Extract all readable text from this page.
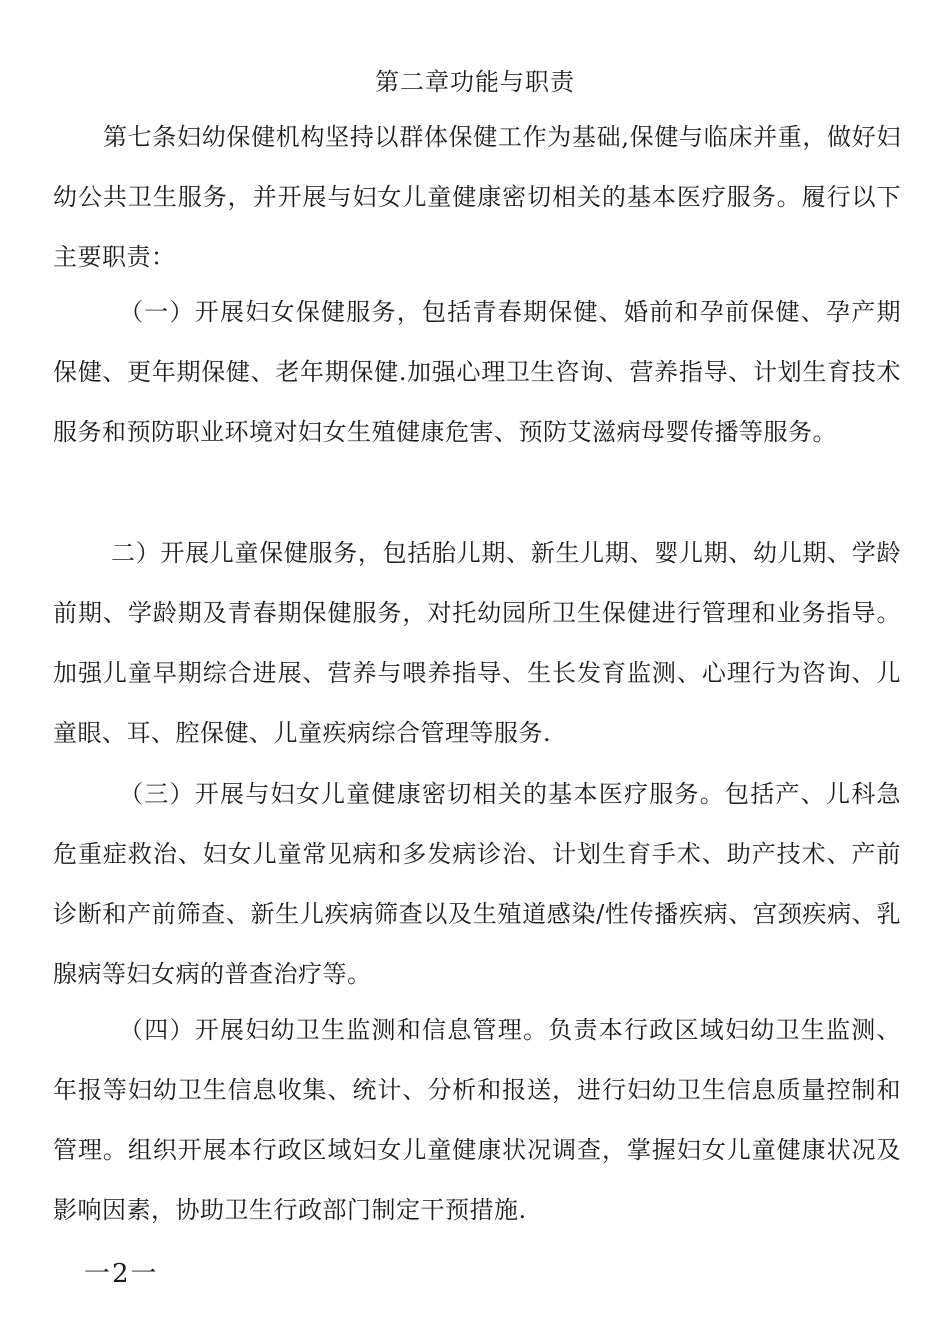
第二章功能与职责
第七条妇幼保健机构坚持以群体保健工作为基础,保健与临床并重，做好妇幼公共卫生服务，并开展与妇女儿童健康密切相关的基本医疗服务。履行以下主要职责：
（一）开展妇女保健服务，包括青春期保健、婚前和孕前保健、孕产期保健、更年期保健、老年期保健.加强心理卫生咨询、营养指导、计划生育技术服务和预防职业环境对妇女生殖健康危害、预防艾滋病母婴传播等服务。
二）开展儿童保健服务，包括胎儿期、新生儿期、婴儿期、幼儿期、学龄前期、学龄期及青春期保健服务，对托幼园所卫生保健进行管理和业务指导。加强儿童早期综合进展、营养与喂养指导、生长发育监测、心理行为咨询、儿童眼、耳、腔保健、儿童疾病综合管理等服务.
（三）开展与妇女儿童健康密切相关的基本医疗服务。包括产、儿科急危重症救治、妇女儿童常见病和多发病诊治、计划生育手术、助产技术、产前诊断和产前筛查、新生儿疾病筛查以及生殖道感染/性传播疾病、宫颈疾病、乳腺病等妇女病的普查治疗等。
（四）开展妇幼卫生监测和信息管理。负责本行政区域妇幼卫生监测、年报等妇幼卫生信息收集、统计、分析和报送，进行妇幼卫生信息质量控制和管理。组织开展本行政区域妇女儿童健康状况调查，掌握妇女儿童健康状况及影响因素，协助卫生行政部门制定干预措施.
一2一
